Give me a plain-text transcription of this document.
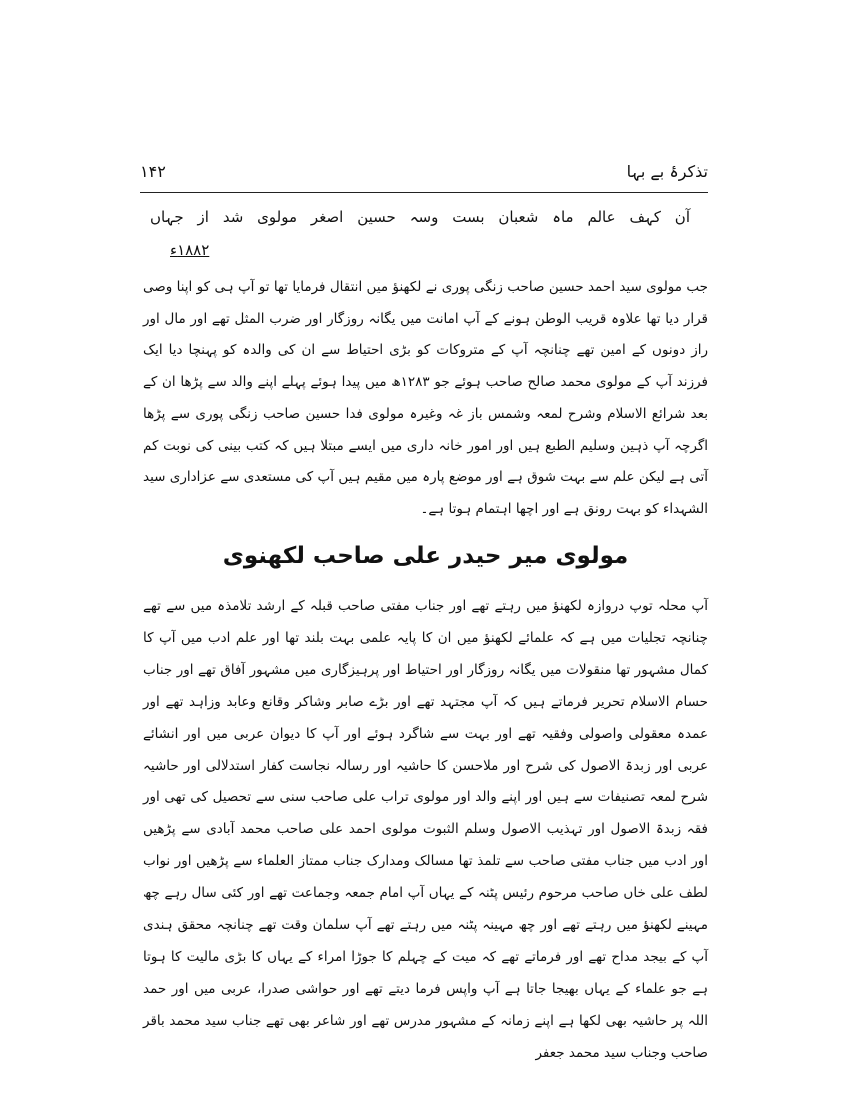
تذکرۂ بے بہا
۱۴۲
آن کہف عالم ماہ شعبان بست وسہ حسین اصغر مولوی شد از جہاں
۱۸۸۲ء

جب مولوی سید احمد حسین صاحب زنگی پوری نے لکھنؤ میں انتقال فرمایا تھا تو آپ ہی کو اپنا وصی قرار دیا تھا علاوہ قریب الوطن ہونے کے آپ امانت میں یگانہ روزگار اور ضرب المثل تھے اور مال اور راز دونوں کے امین تھے چنانچہ آپ کے متروکات کو بڑی احتیاط سے ان کی والدہ کو پہنچا دیا ایک فرزند آپ کے مولوی محمد صالح صاحب ہوئے جو ۱۲۸۳ھ میں پیدا ہوئے پہلے اپنے والد سے پڑھا ان کے بعد شرائع الاسلام وشرح لمعہ وشمس باز غہ وغیرہ مولوی فدا حسین صاحب زنگی پوری سے پڑھا اگرچہ آپ ذہین وسلیم الطبع ہیں اور امور خانہ داری میں ایسے مبتلا ہیں کہ کتب بینی کی نوبت کم آتی ہے لیکن علم سے بہت شوق ہے اور موضع پارہ میں مقیم ہیں آپ کی مستعدی سے عزاداری سید الشہداء کو بہت رونق ہے اور اچھا اہتمام ہوتا ہے۔

مولوی میر حیدر علی صاحب لکھنوی

آپ محلہ توپ دروازہ لکھنؤ میں رہتے تھے اور جناب مفتی صاحب قبلہ کے ارشد تلامذہ میں سے تھے چنانچہ تجلیات میں ہے کہ علمائے لکھنؤ میں ان کا پایہ علمی بہت بلند تھا اور علم ادب میں آپ کا کمال مشہور تھا منقولات میں یگانہ روزگار اور احتیاط اور پرہیزگاری میں مشہور آفاق تھے اور جناب حسام الاسلام تحریر فرماتے ہیں کہ آپ مجتہد تھے اور بڑے صابر وشاکر وقانع وعابد وزاہد تھے اور عمدہ معقولی واصولی وفقیہ تھے اور بہت سے شاگرد ہوئے اور آپ کا دیوان عربی میں اور انشائے عربی اور زبدۃ الاصول کی شرح اور ملاحسن کا حاشیہ اور رسالہ نجاست کفار استدلالی اور حاشیہ شرح لمعہ تصنیفات سے ہیں اور اپنے والد اور مولوی تراب علی صاحب سنی سے تحصیل کی تھی اور فقہ زبدۃ الاصول اور تہذیب الاصول وسلم الثبوت مولوی احمد علی صاحب محمد آبادی سے پڑھیں اور ادب میں جناب مفتی صاحب سے تلمذ تھا مسالک ومدارک جناب ممتاز العلماء سے پڑھیں اور نواب لطف علی خاں صاحب مرحوم رئیس پٹنہ کے یہاں آپ امام جمعہ وجماعت تھے اور کئی سال رہے چھ مہینے لکھنؤ میں رہتے تھے اور چھ مہینہ پٹنہ میں رہتے تھے آپ سلمان وقت تھے چنانچہ محقق ہندی آپ کے بیجد مداح تھے اور فرماتے تھے کہ میت کے چہلم کا جوڑا امراء کے یہاں کا بڑی مالیت کا ہوتا ہے جو علماء کے یہاں بھیجا جاتا ہے آپ واپس فرما دیتے تھے اور حواشی صدرا، عربی میں اور حمد اللہ پر حاشیہ بھی لکھا ہے اپنے زمانہ کے مشہور مدرس تھے اور شاعر بھی تھے جناب سید محمد باقر صاحب وجناب سید محمد جعفر
